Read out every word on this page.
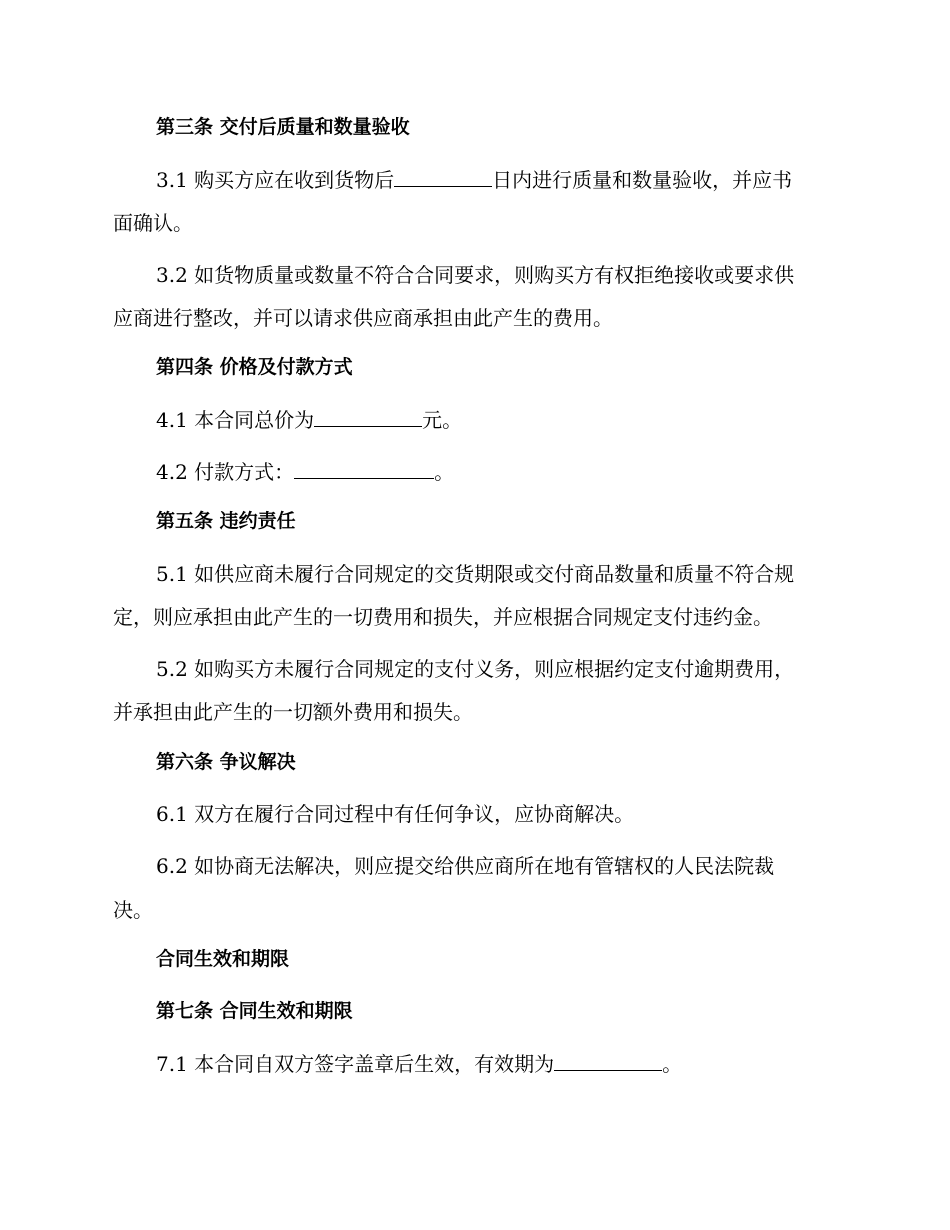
第三条 交付后质量和数量验收
3.1 购买方应在收到货物后	日内进行质量和数量验收，并应书
面确认。
3.2 如货物质量或数量不符合合同要求，则购买方有权拒绝接收或要求供
应商进行整改，并可以请求供应商承担由此产生的费用。
第四条 价格及付款方式
4.1 本合同总价为	元。
4.2 付款方式：	。
第五条 违约责任
5.1 如供应商未履行合同规定的交货期限或交付商品数量和质量不符合规
定，则应承担由此产生的一切费用和损失，并应根据合同规定支付违约金。
5.2 如购买方未履行合同规定的支付义务，则应根据约定支付逾期费用，
并承担由此产生的一切额外费用和损失。
第六条 争议解决
6.1 双方在履行合同过程中有任何争议，应协商解决。
6.2 如协商无法解决，则应提交给供应商所在地有管辖权的人民法院裁
决。
合同生效和期限
第七条 合同生效和期限
7.1 本合同自双方签字盖章后生效，有效期为	。
